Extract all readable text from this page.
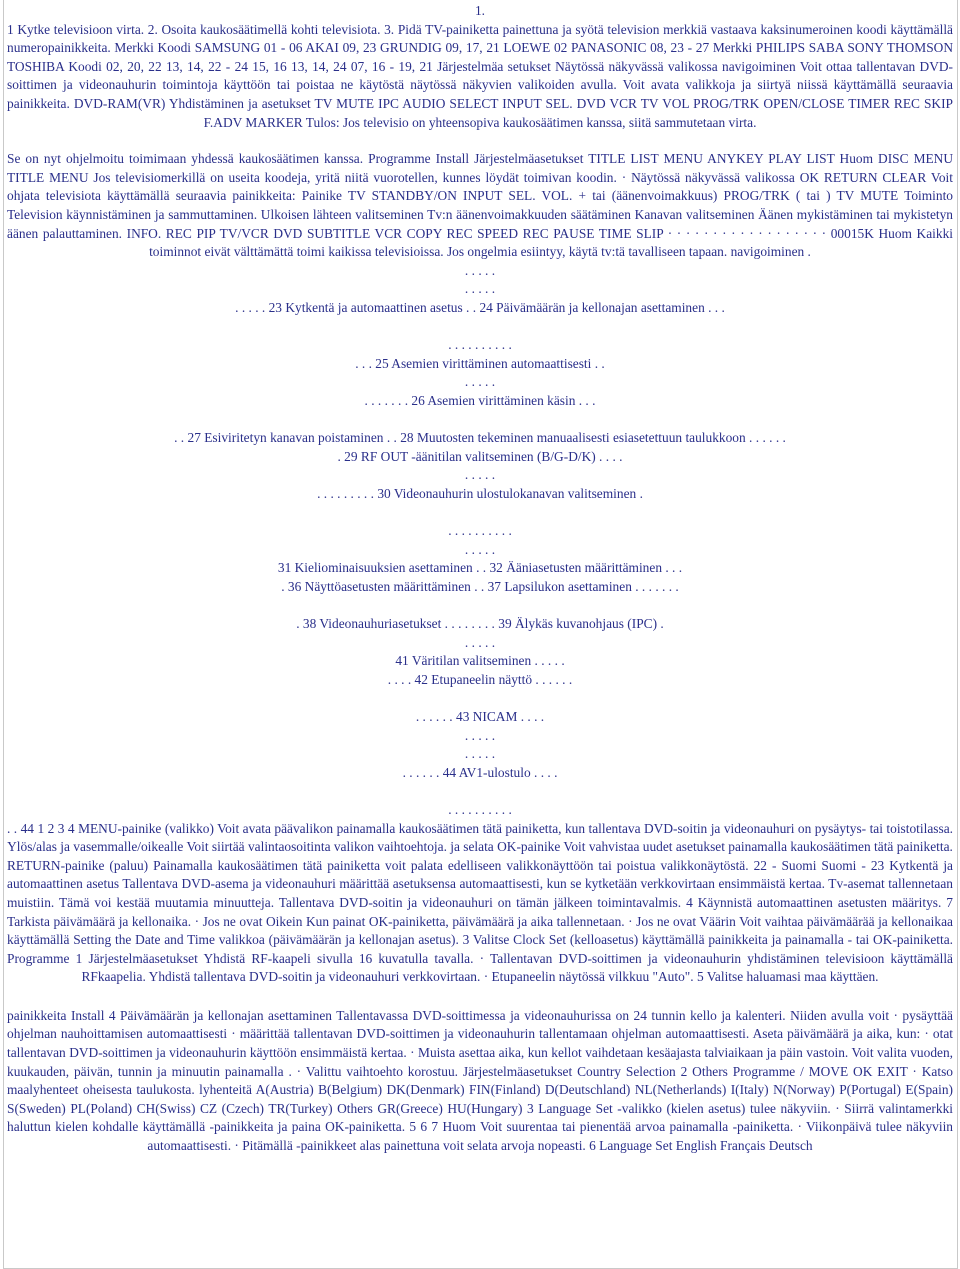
1.

1 Kytke televisioon virta. 2. Osoita kaukosäätimellä kohti televisiota. 3. Pidä TV-painiketta painettuna ja syötä television merkkiä vastaava kaksinumeroinen koodi käyttämällä numeropainikkeita. Merkki Koodi SAMSUNG 01 - 06 AKAI 09, 23 GRUNDIG 09, 17, 21 LOEWE 02 PANASONIC 08, 23 - 27 Merkki PHILIPS SABA SONY THOMSON TOSHIBA Koodi 02, 20, 22 13, 14, 22 - 24 15, 16 13, 14, 24 07, 16 - 19, 21 Järjestelmäa setukset Näytössä näkyvässä valikossa navigoiminen Voit ottaa tallentavan DVD-soittimen ja videonauhurin toimintoja käyttöön tai poistaa ne käytöstä näytössä näkyvien valikoiden avulla. Voit avata valikkoja ja siirtyä niissä käyttämällä seuraavia painikkeita. DVD-RAM(VR) Yhdistäminen ja asetukset TV MUTE IPC AUDIO SELECT INPUT SEL. DVD VCR TV VOL PROG/TRK OPEN/CLOSE TIMER REC SKIP F.ADV MARKER Tulos: Jos televisio on yhteensopiva kaukosäätimen kanssa, siitä sammutetaan virta.

Se on nyt ohjelmoitu toimimaan yhdessä kaukosäätimen kanssa. Programme Install Järjestelmäasetukset TITLE LIST MENU ANYKEY PLAY LIST Huom DISC MENU TITLE MENU Jos televisiomerkillä on useita koodeja, yritä niitä vuorotellen, kunnes löydät toimivan koodin. · Näytössä näkyvässä valikossa OK RETURN CLEAR Voit ohjata televisiota käyttämällä seuraavia painikkeita: Painike TV STANDBY/ON INPUT SEL. VOL. + tai (äänenvoimakkuus) PROG/TRK ( tai ) TV MUTE Toiminto Television käynnistäminen ja sammuttaminen. Ulkoisen lähteen valitseminen Tv:n äänenvoimakkuuden säätäminen Kanavan valitseminen Äänen mykistäminen tai mykistetyn äänen palauttaminen. INFO. REC PIP TV/VCR DVD SUBTITLE VCR COPY REC SPEED REC PAUSE TIME SLIP · · · · · · · · · · · · · · · · · · 00015K Huom Kaikki toiminnot eivät välttämättä toimi kaikissa televisioissa. Jos ongelmia esiintyy, käytä tv:tä tavalliseen tapaan. navigoiminen .

. . . . .

. . . . .

. . . . . 23 Kytkentä ja automaattinen asetus . . 24 Päivämäärän ja kellonajan asettaminen . . .

. . . . . . . . . .

. . . 25 Asemien virittäminen automaattisesti . .

. . . . .

. . . . . . . 26 Asemien virittäminen käsin . . .

. . 27 Esiviritetyn kanavan poistaminen . . 28 Muutosten tekeminen manuaalisesti esiasetettuun taulukkoon . . . . . .

. 29 RF OUT -äänitilan valitseminen (B/G-D/K) . . . .

. . . . .

. . . . . . . . . 30 Videonauhurin ulostulokanavan valitseminen .

. . . . . . . . . .

. . . . .

31 Kieliominaisuuksien asettaminen . . 32 Ääniasetusten määrittäminen . . .

. 36 Näyttöasetusten määrittäminen . . 37 Lapsilukon asettaminen . . . . . . .

. 38 Videonauhuriasetukset . . . . . . . . 39 Älykäs kuvanohjaus (IPC) .

. . . . .

41 Väritilan valitseminen . . . . .

. . . . 42 Etupaneelin näyttö . . . . . .

. . . . . . 43 NICAM . . . .

. . . . .

. . . . .

. . . . . . 44 AV1-ulostulo . . . .

. . . . . . . . . .

. . 44 1 2 3 4 MENU-painike (valikko) Voit avata päävalikon painamalla kaukosäätimen tätä painiketta, kun tallentava DVD-soitin ja videonauhuri on pysäytys- tai toistotilassa. Ylös/alas ja vasemmalle/oikealle Voit siirtää valintaosoitinta valikon vaihtoehtoja. ja selata OK-painike Voit vahvistaa uudet asetukset painamalla kaukosäätimen tätä painiketta.

RETURN-painike (paluu) Painamalla kaukosäätimen tätä painiketta voit palata edelliseen valikkonäyttöön tai poistua valikkonäytöstä. 22 - Suomi Suomi - 23 Kytkentä ja automaattinen asetus Tallentava DVD-asema ja videonauhuri määrittää asetuksensa automaattisesti, kun se kytketään verkkovirtaan ensimmäistä kertaa. Tv-asemat tallennetaan muistiin. Tämä voi kestää muutamia minuutteja. Tallentava DVD-soitin ja videonauhuri on tämän jälkeen toimintavalmis. 4 Käynnistä automaattinen asetusten määritys. 7 Tarkista päivämäärä ja kellonaika. · Jos ne ovat Oikein Kun painat OK-painiketta, päivämäärä ja aika tallennetaan. · Jos ne ovat Väärin Voit vaihtaa päivämäärää ja kellonaikaa käyttämällä Setting the Date and Time valikkoa (päivämäärän ja kellonajan asetus). 3 Valitse Clock Set (kelloasetus) käyttämällä painikkeita ja painamalla - tai OK-painiketta. Programme 1 Järjestelmäasetukset Yhdistä RF-kaapeli sivulla 16 kuvatulla tavalla. · Tallentavan DVD-soittimen ja videonauhurin yhdistäminen televisioon käyttämällä RFkaapelia. Yhdistä tallentava DVD-soitin ja videonauhuri verkkovirtaan. · Etupaneelin näytössä vilkkuu "Auto". 5 Valitse haluamasi maa käyttäen.

painikkeita Install 4 Päivämäärän ja kellonajan asettaminen Tallentavassa DVD-soittimessa ja videonauhurissa on 24 tunnin kello ja kalenteri. Niiden avulla voit · pysäyttää ohjelman nauhoittamisen automaattisesti · määrittää tallentavan DVD-soittimen ja videonauhurin tallentamaan ohjelman automaattisesti. Aseta päivämäärä ja aika, kun: · otat tallentavan DVD-soittimen ja videonauhurin käyttöön ensimmäistä kertaa. · Muista asettaa aika, kun kellot vaihdetaan kesäajasta talviaikaan ja päin vastoin. Voit valita vuoden, kuukauden, päivän, tunnin ja minuutin painamalla . · Valittu vaihtoehto korostuu. Järjestelmäasetukset Country Selection 2 Others Programme / MOVE OK EXIT · Katso maalyhenteet oheisesta taulukosta. lyhenteitä A(Austria) B(Belgium) DK(Denmark) FIN(Finland) D(Deutschland) NL(Netherlands) I(Italy) N(Norway) P(Portugal) E(Spain) S(Sweden) PL(Poland) CH(Swiss) CZ (Czech) TR(Turkey) Others GR(Greece) HU(Hungary) 3 Language Set -valikko (kielen asetus) tulee näkyviin. · Siirrä valintamerkki haluttun kielen kohdalle käyttämällä -painikkeita ja paina OK-painiketta. 5 6 7 Huom Voit suurentaa tai pienentää arvoa painamalla -painiketta. · Viikonpäivä tulee näkyviin automaattisesti. · Pitämällä -painikkeet alas painettuna voit selata arvoja nopeasti. 6 Language Set English Français Deutsch
